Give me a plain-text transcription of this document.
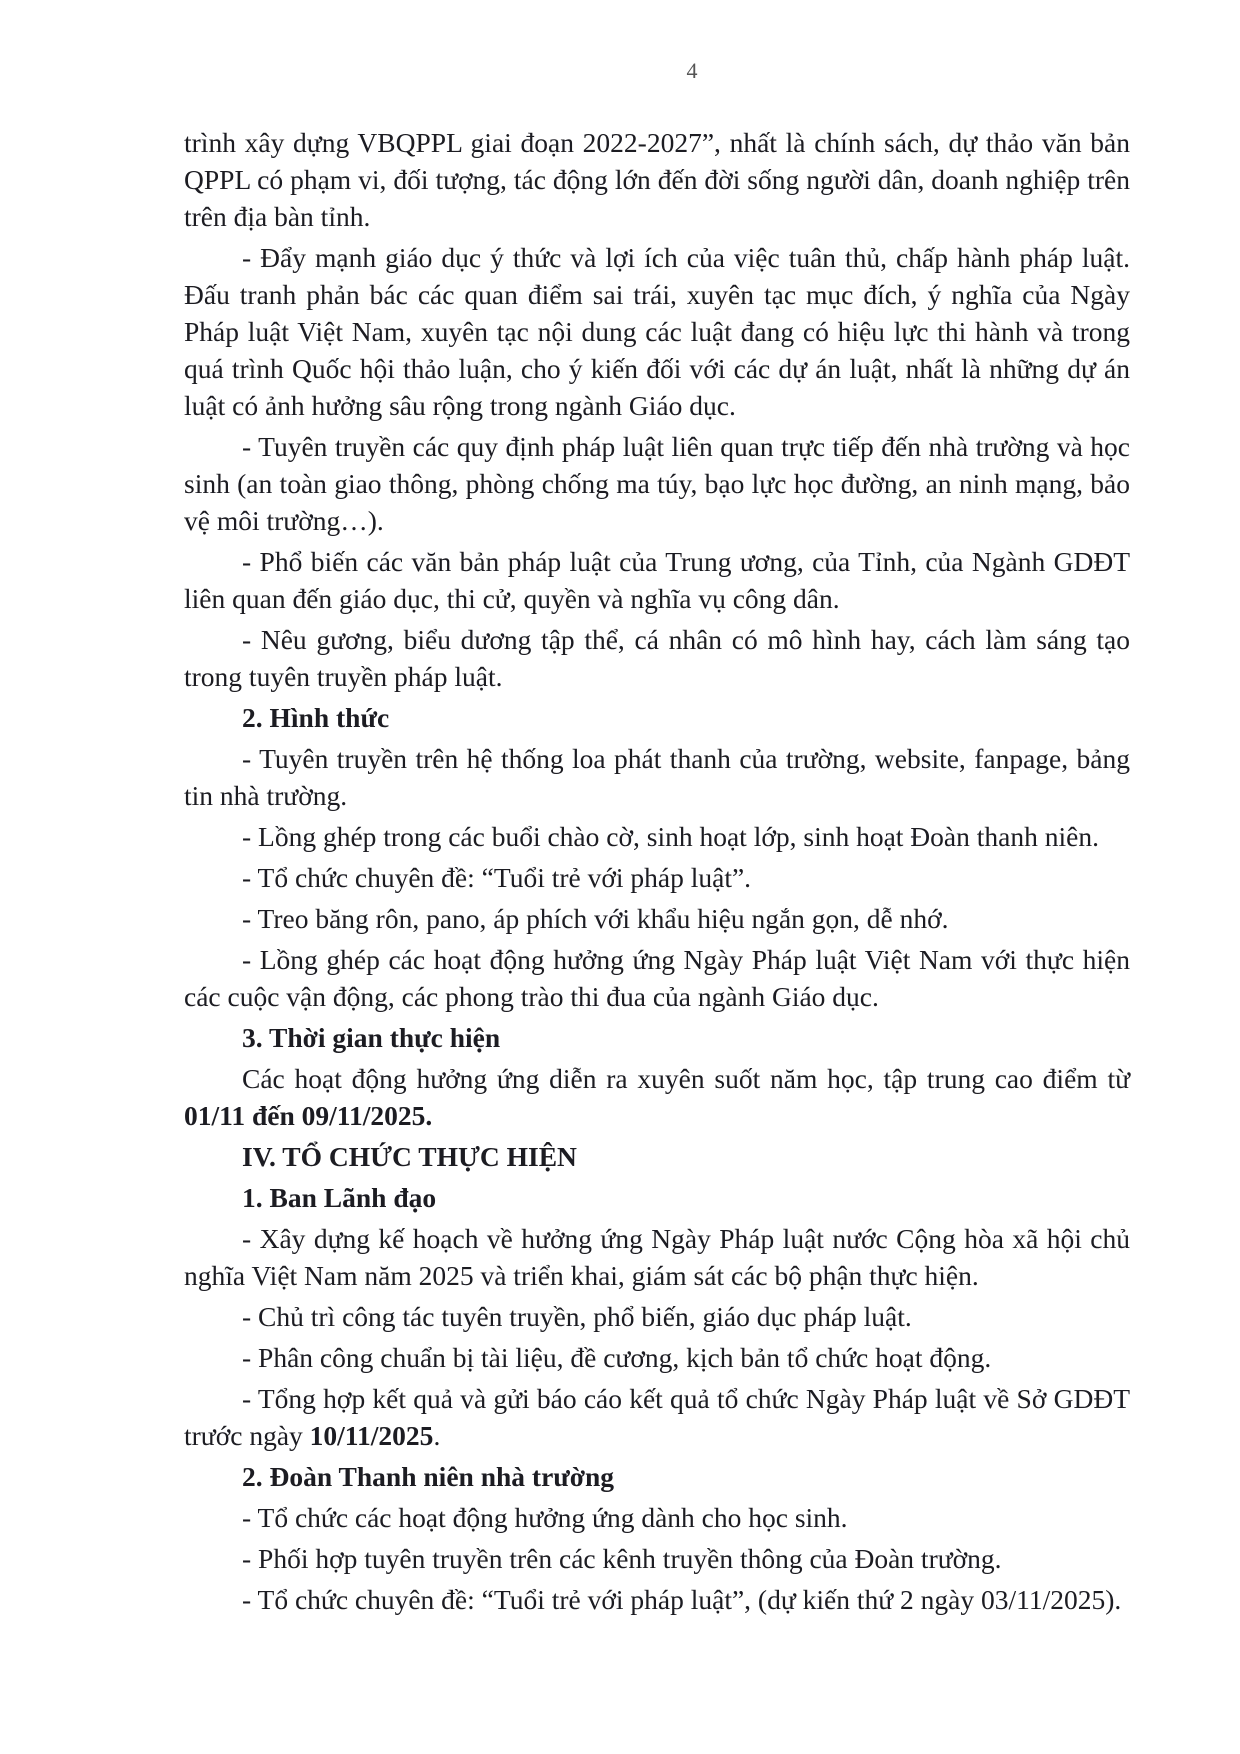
4

trình xây dựng VBQPPL giai đoạn 2022-2027”, nhất là chính sách, dự thảo văn bản QPPL có phạm vi, đối tượng, tác động lớn đến đời sống người dân, doanh nghiệp trên trên địa bàn tỉnh.

- Đẩy mạnh giáo dục ý thức và lợi ích của việc tuân thủ, chấp hành pháp luật. Đấu tranh phản bác các quan điểm sai trái, xuyên tạc mục đích, ý nghĩa của Ngày Pháp luật Việt Nam, xuyên tạc nội dung các luật đang có hiệu lực thi hành và trong quá trình Quốc hội thảo luận, cho ý kiến đối với các dự án luật, nhất là những dự án luật có ảnh hưởng sâu rộng trong ngành Giáo dục.

- Tuyên truyền các quy định pháp luật liên quan trực tiếp đến nhà trường và học sinh (an toàn giao thông, phòng chống ma túy, bạo lực học đường, an ninh mạng, bảo vệ môi trường…).

- Phổ biến các văn bản pháp luật của Trung ương, của Tỉnh, của Ngành GDĐT liên quan đến giáo dục, thi cử, quyền và nghĩa vụ công dân.

- Nêu gương, biểu dương tập thể, cá nhân có mô hình hay, cách làm sáng tạo trong tuyên truyền pháp luật.

2. Hình thức

- Tuyên truyền trên hệ thống loa phát thanh của trường, website, fanpage, bảng tin nhà trường.

- Lồng ghép trong các buổi chào cờ, sinh hoạt lớp, sinh hoạt Đoàn thanh niên.

- Tổ chức chuyên đề: “Tuổi trẻ với pháp luật”.

- Treo băng rôn, pano, áp phích với khẩu hiệu ngắn gọn, dễ nhớ.

- Lồng ghép các hoạt động hưởng ứng Ngày Pháp luật Việt Nam với thực hiện các cuộc vận động, các phong trào thi đua của ngành Giáo dục.

3. Thời gian thực hiện

Các hoạt động hưởng ứng diễn ra xuyên suốt năm học, tập trung cao điểm từ 01/11 đến 09/11/2025.

IV. TỔ CHỨC THỰC HIỆN

1. Ban Lãnh đạo

- Xây dựng kế hoạch về hưởng ứng Ngày Pháp luật nước Cộng hòa xã hội chủ nghĩa Việt Nam năm 2025 và triển khai, giám sát các bộ phận thực hiện.

- Chủ trì công tác tuyên truyền, phổ biến, giáo dục pháp luật.

- Phân công chuẩn bị tài liệu, đề cương, kịch bản tổ chức hoạt động.

- Tổng hợp kết quả và gửi báo cáo kết quả tổ chức Ngày Pháp luật về Sở GDĐT trước ngày 10/11/2025.

2. Đoàn Thanh niên nhà trường

- Tổ chức các hoạt động hưởng ứng dành cho học sinh.

- Phối hợp tuyên truyền trên các kênh truyền thông của Đoàn trường.

- Tổ chức chuyên đề: “Tuổi trẻ với pháp luật”, (dự kiến thứ 2 ngày 03/11/2025).
